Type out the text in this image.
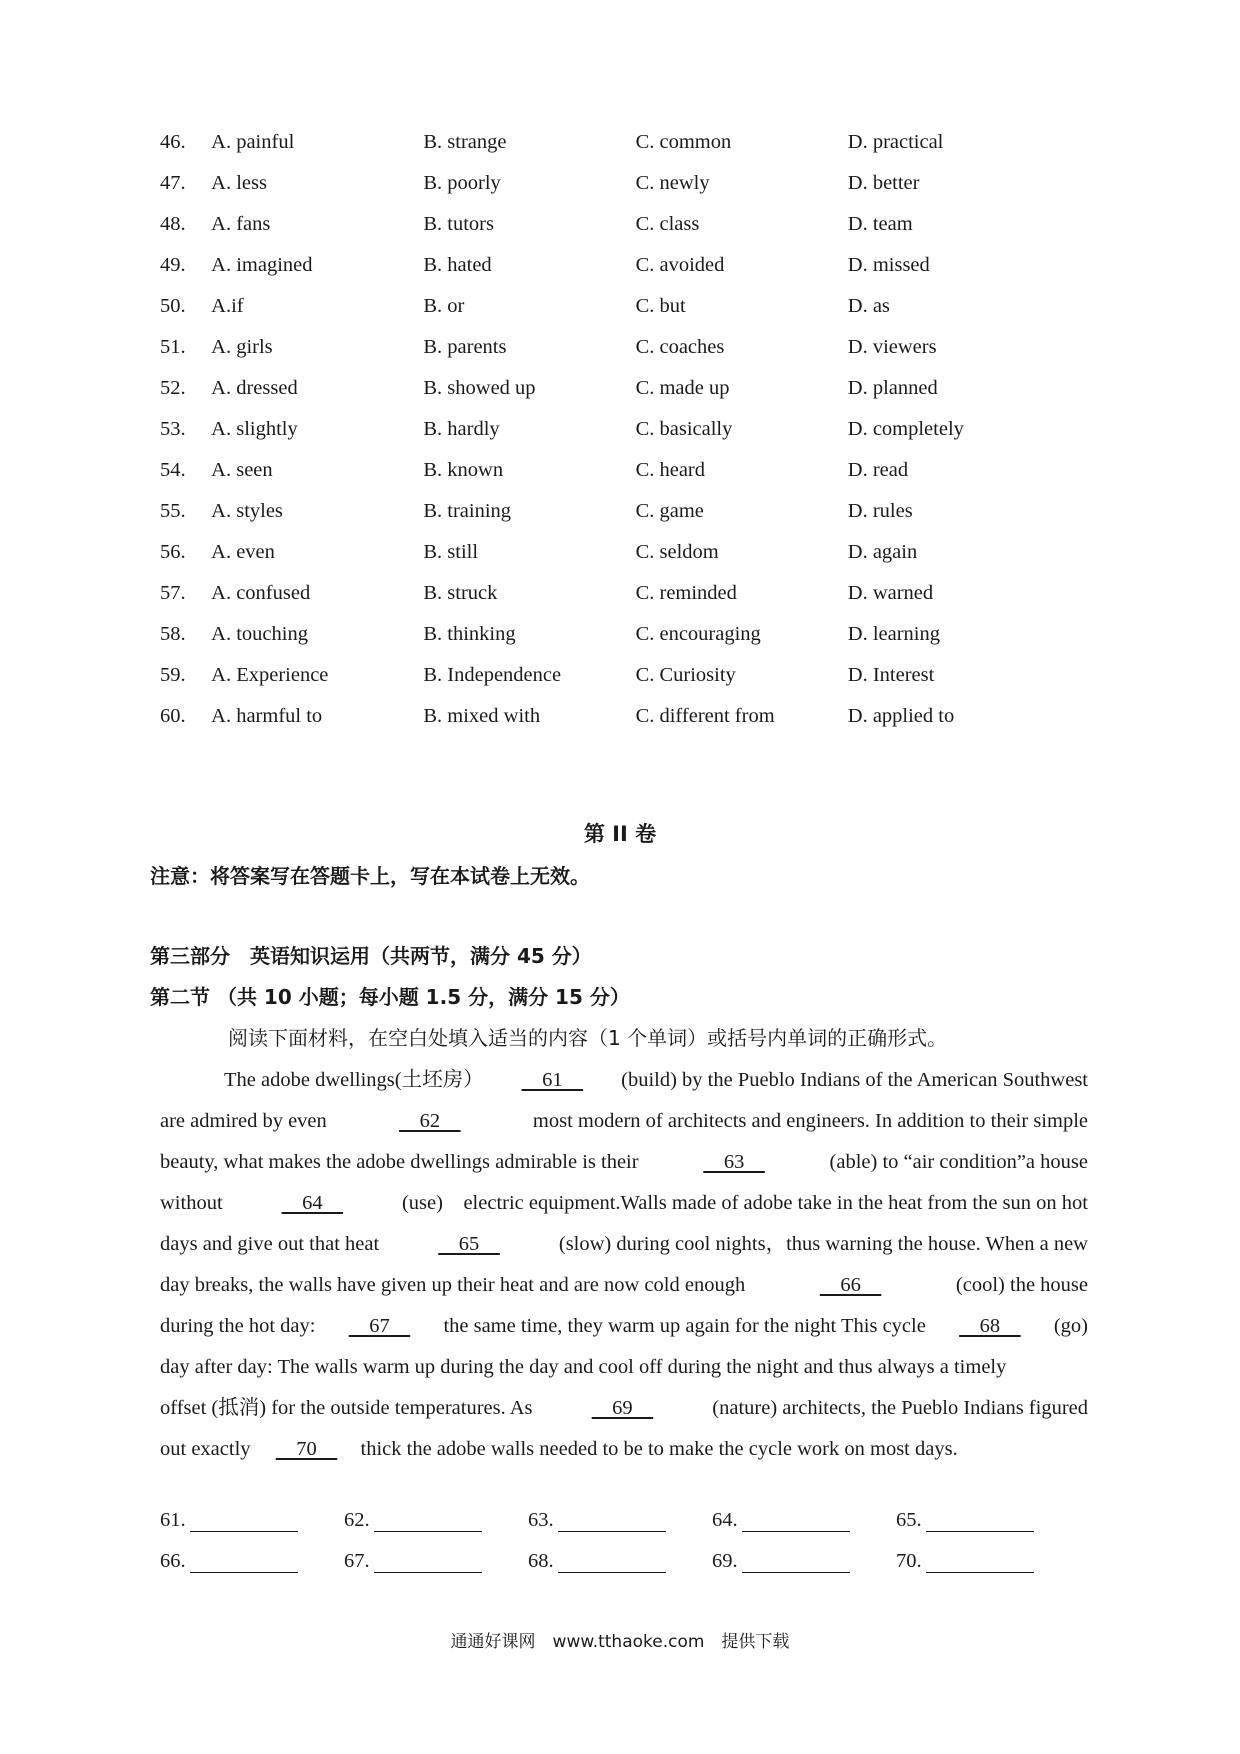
46.	A. painful	B. strange	C. common	D. practical
47.	A. less	B. poorly	C. newly	D. better
48.	A. fans	B. tutors	C. class	D. team
49.	A. imagined	B. hated	C. avoided	D. missed
50.	A.if	B. or	C. but	D. as
51.	A. girls	B. parents	C. coaches	D. viewers
52.	A. dressed	B. showed up	C. made up	D. planned
53.	A. slightly	B. hardly	C. basically	D. completely
54.	A. seen	B. known	C. heard	D. read
55.	A. styles	B. training	C. game	D. rules
56.	A. even	B. still	C. seldom	D. again
57.	A. confused	B. struck	C. reminded	D. warned
58.	A. touching	B. thinking	C. encouraging	D. learning
59.	A. Experience	B. Independence	C. Curiosity	D. Interest
60.	A. harmful to	B. mixed with	C. different from	D. applied to
第 II 卷
注意：将答案写在答题卡上，写在本试卷上无效。
第三部分　英语知识运用（共两节，满分 45 分）
第二节 （共 10 小题；每小题 1.5 分，满分 15 分）
阅读下面材料，在空白处填入适当的内容（1 个单词）或括号内单词的正确形式。
The adobe dwellings(土坯房）	  61  	(build) by the Pueblo Indians of the American Southwest
are admired by even	  62  	most modern of architects and engineers. In addition to their simple
beauty, what makes the adobe dwellings admirable is their	  63  	(able) to “air condition”a house
without	  64  	(use)　electric equipment.Walls made of adobe take in the heat from the sun on hot
days and give out that heat	  65  	(slow) during cool nights，thus warning the house. When a new
day breaks, the walls have given up their heat and are now cold enough	  66  	(cool) the house
during the hot day:	  67  	the same time, they warm up again for the night This cycle	  68  	(go)
day after day: The walls warm up during the day and cool off during the night and thus always a timely
offset (抵消) for the outside temperatures. As	  69  	(nature) architects, the Pueblo Indians figured
out exactly	  70  	thick the adobe walls needed to be to make the cycle work on most days.
61.	62.	63.	64.	65.
66.	67.	68.	69.	70.
通通好课网　www.tthaoke.com　提供下载
